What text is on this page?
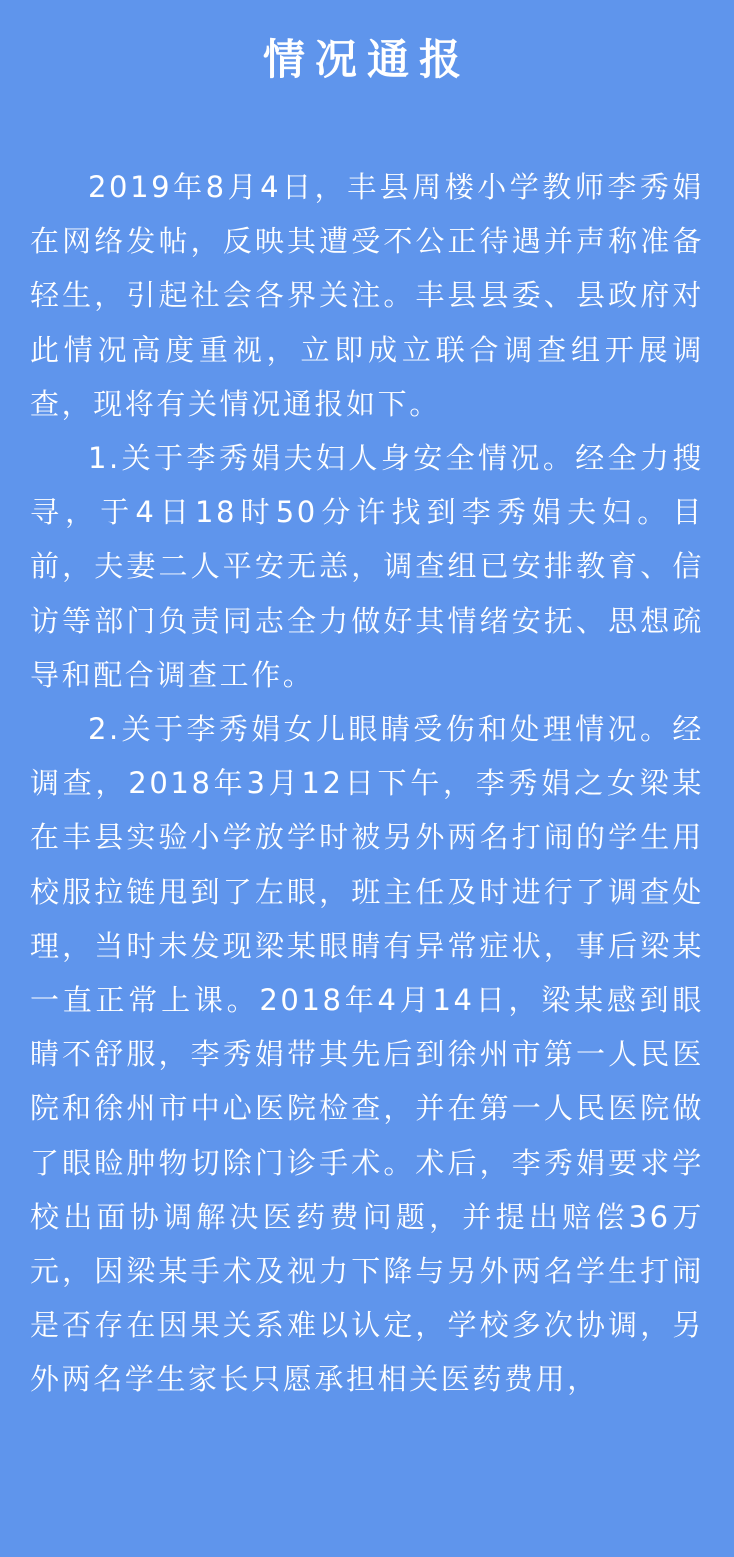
情况通报

2019年8月4日，丰县周楼小学教师李秀娟在网络发帖，反映其遭受不公正待遇并声称准备轻生，引起社会各界关注。丰县县委、县政府对此情况高度重视，立即成立联合调查组开展调查，现将有关情况通报如下。

1.关于李秀娟夫妇人身安全情况。经全力搜寻，于4日18时50分许找到李秀娟夫妇。目前，夫妻二人平安无恙，调查组已安排教育、信访等部门负责同志全力做好其情绪安抚、思想疏导和配合调查工作。

2.关于李秀娟女儿眼睛受伤和处理情况。经调查，2018年3月12日下午，李秀娟之女梁某在丰县实验小学放学时被另外两名打闹的学生用校服拉链甩到了左眼，班主任及时进行了调查处理，当时未发现梁某眼睛有异常症状，事后梁某一直正常上课。2018年4月14日，梁某感到眼睛不舒服，李秀娟带其先后到徐州市第一人民医院和徐州市中心医院检查，并在第一人民医院做了眼睑肿物切除门诊手术。术后，李秀娟要求学校出面协调解决医药费问题，并提出赔偿36万元，因梁某手术及视力下降与另外两名学生打闹是否存在因果关系难以认定，学校多次协调，另外两名学生家长只愿承担相关医药费用，
